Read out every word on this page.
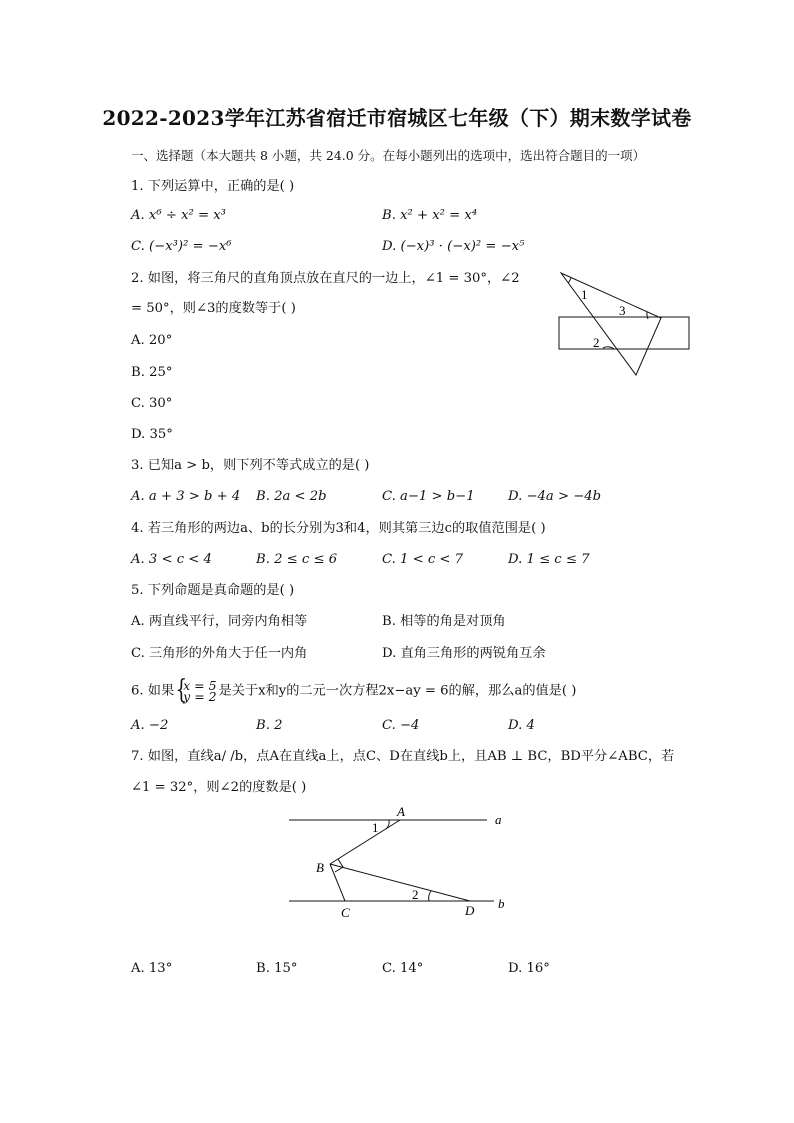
2022-2023学年江苏省宿迁市宿城区七年级（下）期末数学试卷
一、选择题（本大题共 8 小题，共 24.0 分。在每小题列出的选项中，选出符合题目的一项）
1. 下列运算中，正确的是( )
A. x⁶ ÷ x² = x³	B. x² + x² = x⁴
C. (−x³)² = −x⁶	D. (−x)³ · (−x)² = −x⁵
2. 如图，将三角尺的直角顶点放在直尺的一边上，∠1 = 30°，∠2
= 50°，则∠3的度数等于( )
A. 20°
B. 25°
C. 30°
D. 35°
1
3
2
3. 已知a > b，则下列不等式成立的是( )
A. a + 3 > b + 4 B. 2a < 2b	C. a−1 > b−1	D. −4a > −4b
4. 若三角形的两边a、b的长分别为3和4，则其第三边c的取值范围是( )
A. 3 < c < 4	B. 2 ≤ c ≤ 6	C. 1 < c < 7	D. 1 ≤ c ≤ 7
5. 下列命题是真命题的是( )
A. 两直线平行，同旁内角相等	B. 相等的角是对顶角
C. 三角形的外角大于任一内角	D. 直角三角形的两锐角互余
6. 如果
{ x = 5
y = 2 是关于x和y的二元一次方程2x−ay = 6的解，那么a的值是( )
A. −2	B. 2	C. −4	D. 4
7. 如图，直线a/ /b，点A在直线a上，点C、D在直线b上，且AB ⊥ BC，BD平分∠ABC，若
∠1 = 32°，则∠2的度数是( )
A
a
1
B
2
C	D b
A. 13°	B. 15°	C. 14°	D. 16°
